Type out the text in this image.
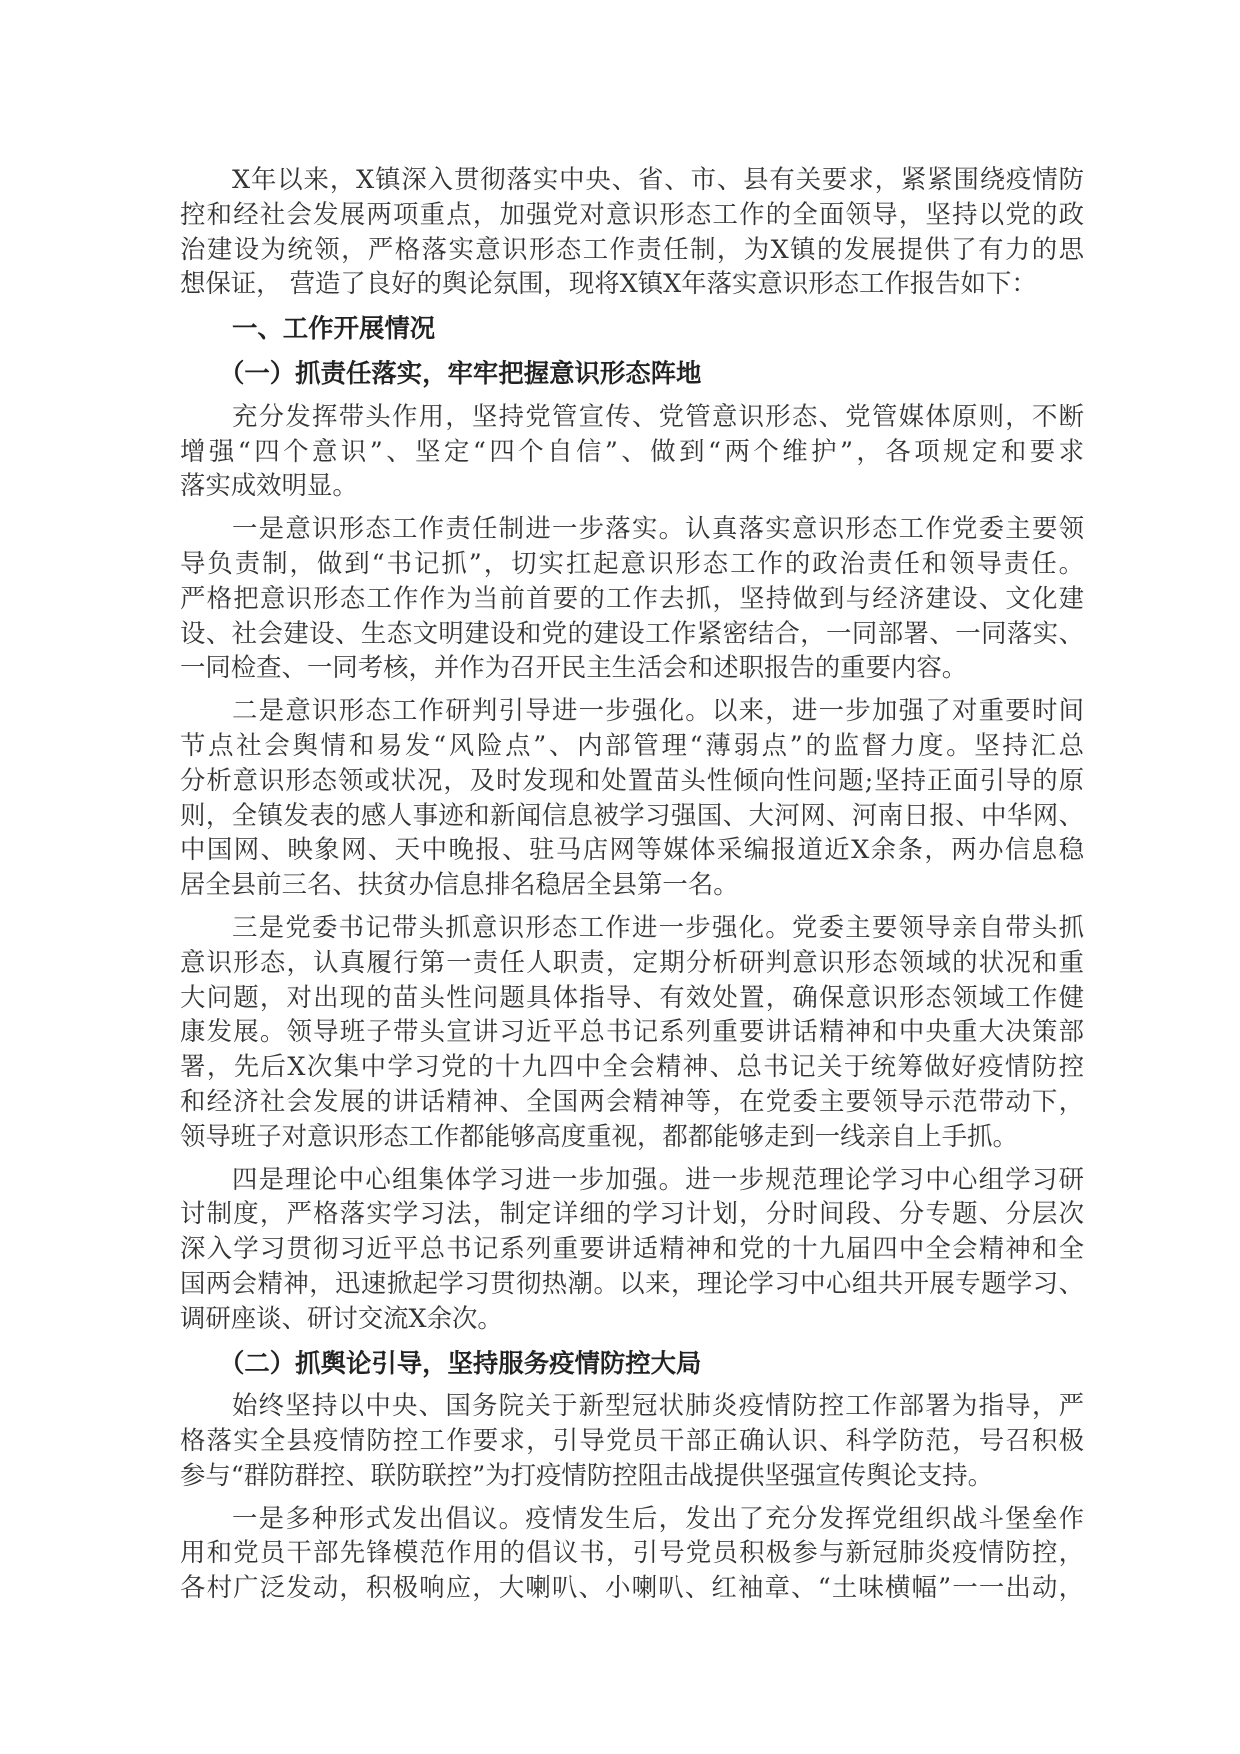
X年以来，X镇深入贯彻落实中央、省、市、县有关要求，紧紧围绕疫情防
控和经社会发展两项重点，加强党对意识形态工作的全面领导，坚持以党的政
治建设为统领，严格落实意识形态工作责任制，为X镇的发展提供了有力的思
想保证， 营造了良好的舆论氛围，现将X镇X年落实意识形态工作报告如下：
一、工作开展情况
（一）抓责任落实，牢牢把握意识形态阵地
充分发挥带头作用，坚持党管宣传、党管意识形态、党管媒体原则，不断
增强“四个意识”、坚定“四个自信”、做到“两个维护”，各项规定和要求
落实成效明显。
一是意识形态工作责任制进一步落实。认真落实意识形态工作党委主要领
导负责制，做到“书记抓”，切实扛起意识形态工作的政治责任和领导责任。
严格把意识形态工作作为当前首要的工作去抓，坚持做到与经济建设、文化建
设、社会建设、生态文明建设和党的建设工作紧密结合，一同部署、一同落实、
一同检查、一同考核，并作为召开民主生活会和述职报告的重要内容。
二是意识形态工作研判引导进一步强化。以来，进一步加强了对重要时间
节点社会舆情和易发“风险点”、内部管理“薄弱点”的监督力度。坚持汇总
分析意识形态领或状况，及时发现和处置苗头性倾向性问题;坚持正面引导的原
则，全镇发表的感人事迹和新闻信息被学习强国、大河网、河南日报、中华网、
中国网、映象网、天中晚报、驻马店网等媒体采编报道近X余条，两办信息稳
居全县前三名、扶贫办信息排名稳居全县第一名。
三是党委书记带头抓意识形态工作进一步强化。党委主要领导亲自带头抓
意识形态，认真履行第一责任人职责，定期分析研判意识形态领域的状况和重
大问题，对出现的苗头性问题具体指导、有效处置，确保意识形态领域工作健
康发展。领导班子带头宣讲习近平总书记系列重要讲话精神和中央重大决策部
署，先后X次集中学习党的十九四中全会精神、总书记关于统筹做好疫情防控
和经济社会发展的讲话精神、全国两会精神等，在党委主要领导示范带动下，
领导班子对意识形态工作都能够高度重视，都都能够走到一线亲自上手抓。
四是理论中心组集体学习进一步加强。进一步规范理论学习中心组学习研
讨制度，严格落实学习法，制定详细的学习计划，分时间段、分专题、分层次
深入学习贯彻习近平总书记系列重要讲适精神和党的十九届四中全会精神和全
国两会精神，迅速掀起学习贯彻热潮。以来，理论学习中心组共开展专题学习、
调研座谈、研讨交流X余次。
（二）抓舆论引导，坚持服务疫情防控大局
始终坚持以中央、国务院关于新型冠状肺炎疫情防控工作部署为指导，严
格落实全县疫情防控工作要求，引导党员干部正确认识、科学防范，号召积极
参与“群防群控、联防联控”为打疫情防控阻击战提供坚强宣传舆论支持。
一是多种形式发出倡议。疫情发生后，发出了充分发挥党组织战斗堡垒作
用和党员干部先锋模范作用的倡议书，引号党员积极参与新冠肺炎疫情防控，
各村广泛发动，积极响应，大喇叭、小喇叭、红袖章、“土味横幅”一一出动，
